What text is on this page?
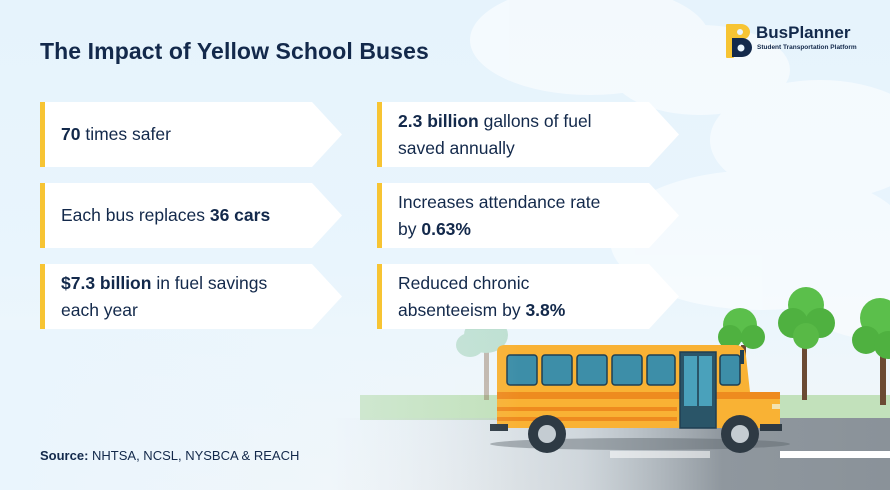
The Impact of Yellow School Buses
BusPlanner
Student Transportation Platform
70 times safer
Each bus replaces 36 cars
$7.3 billion in fuel savings
each year
2.3 billion gallons of fuel
saved annually
Increases attendance rate
by 0.63%
Reduced chronic
absenteeism by 3.8%
Source: NHTSA, NCSL, NYSBCA & REACH
